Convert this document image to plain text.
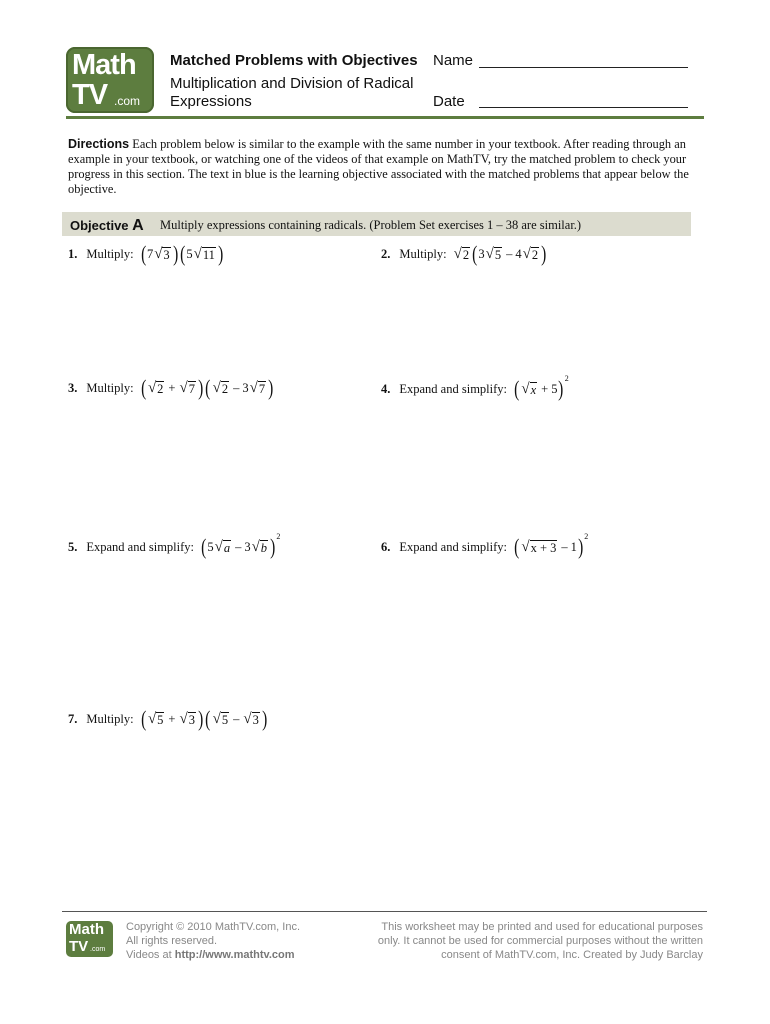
Math
TV .com
Matched Problems with Objectives
Multiplication and Division of Radical Expressions
Name
Date
Directions Each problem below is similar to the example with the same number in your textbook. After reading through an example in your textbook, or watching one of the videos of that example on MathTV, try the matched problem to check your progress in this section. The text in blue is the learning objective associated with the matched problems that appear below the objective.
Objective A Multiply expressions containing radicals. (Problem Set exercises 1 – 38 are similar.)
1. Multiply: ( 7 √ 3 ) ( 5 √ 11 )	2. Multiply: √ 2 ( 3 √ 5 – 4 √ 2 )
3. Multiply: ( √ 2 + √ 7 ) ( √ 2 – 3 √ 7 )	4. Expand and simplify: ( √ x + 5 ) 2
5. Expand and simplify: ( 5 √ a – 3 √ b ) 2
6. Expand and simplify: ( √ x + 3 – 1 ) 2
7. Multiply: ( √ 5 + √ 3 ) ( √ 5 – √ 3 )
Math
TV .com
Copyright © 2010 MathTV.com, Inc.
All rights reserved.
Videos at http://www.mathtv.com
This worksheet may be printed and used for educational purposes
only. It cannot be used for commercial purposes without the written
consent of MathTV.com, Inc. Created by Judy Barclay
